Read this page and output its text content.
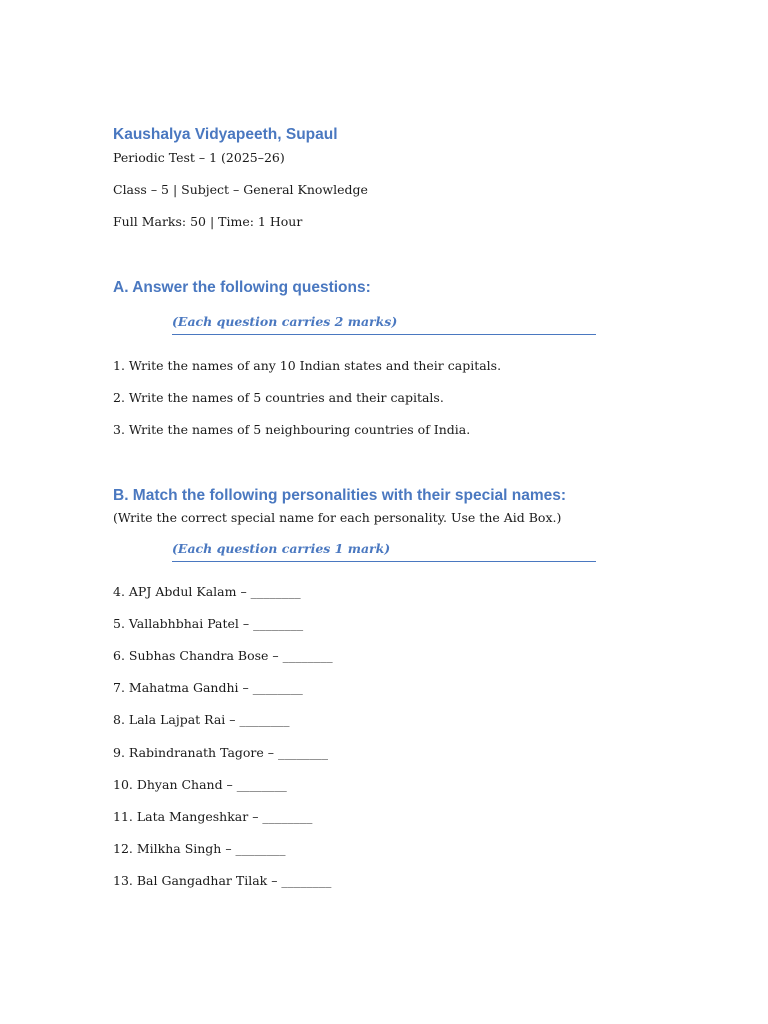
Kaushalya Vidyapeeth, Supaul
Periodic Test – 1 (2025–26)
Class – 5 | Subject – General Knowledge
Full Marks: 50 | Time: 1 Hour
A. Answer the following questions:
(Each question carries 2 marks)
1. Write the names of any 10 Indian states and their capitals.
2. Write the names of 5 countries and their capitals.
3. Write the names of 5 neighbouring countries of India.
B. Match the following personalities with their special names:
(Write the correct special name for each personality. Use the Aid Box.)
(Each question carries 1 mark)
4. APJ Abdul Kalam – ________
5. Vallabhbhai Patel – ________
6. Subhas Chandra Bose – ________
7. Mahatma Gandhi – ________
8. Lala Lajpat Rai – ________
9. Rabindranath Tagore – ________
10. Dhyan Chand – ________
11. Lata Mangeshkar – ________
12. Milkha Singh – ________
13. Bal Gangadhar Tilak – ________
